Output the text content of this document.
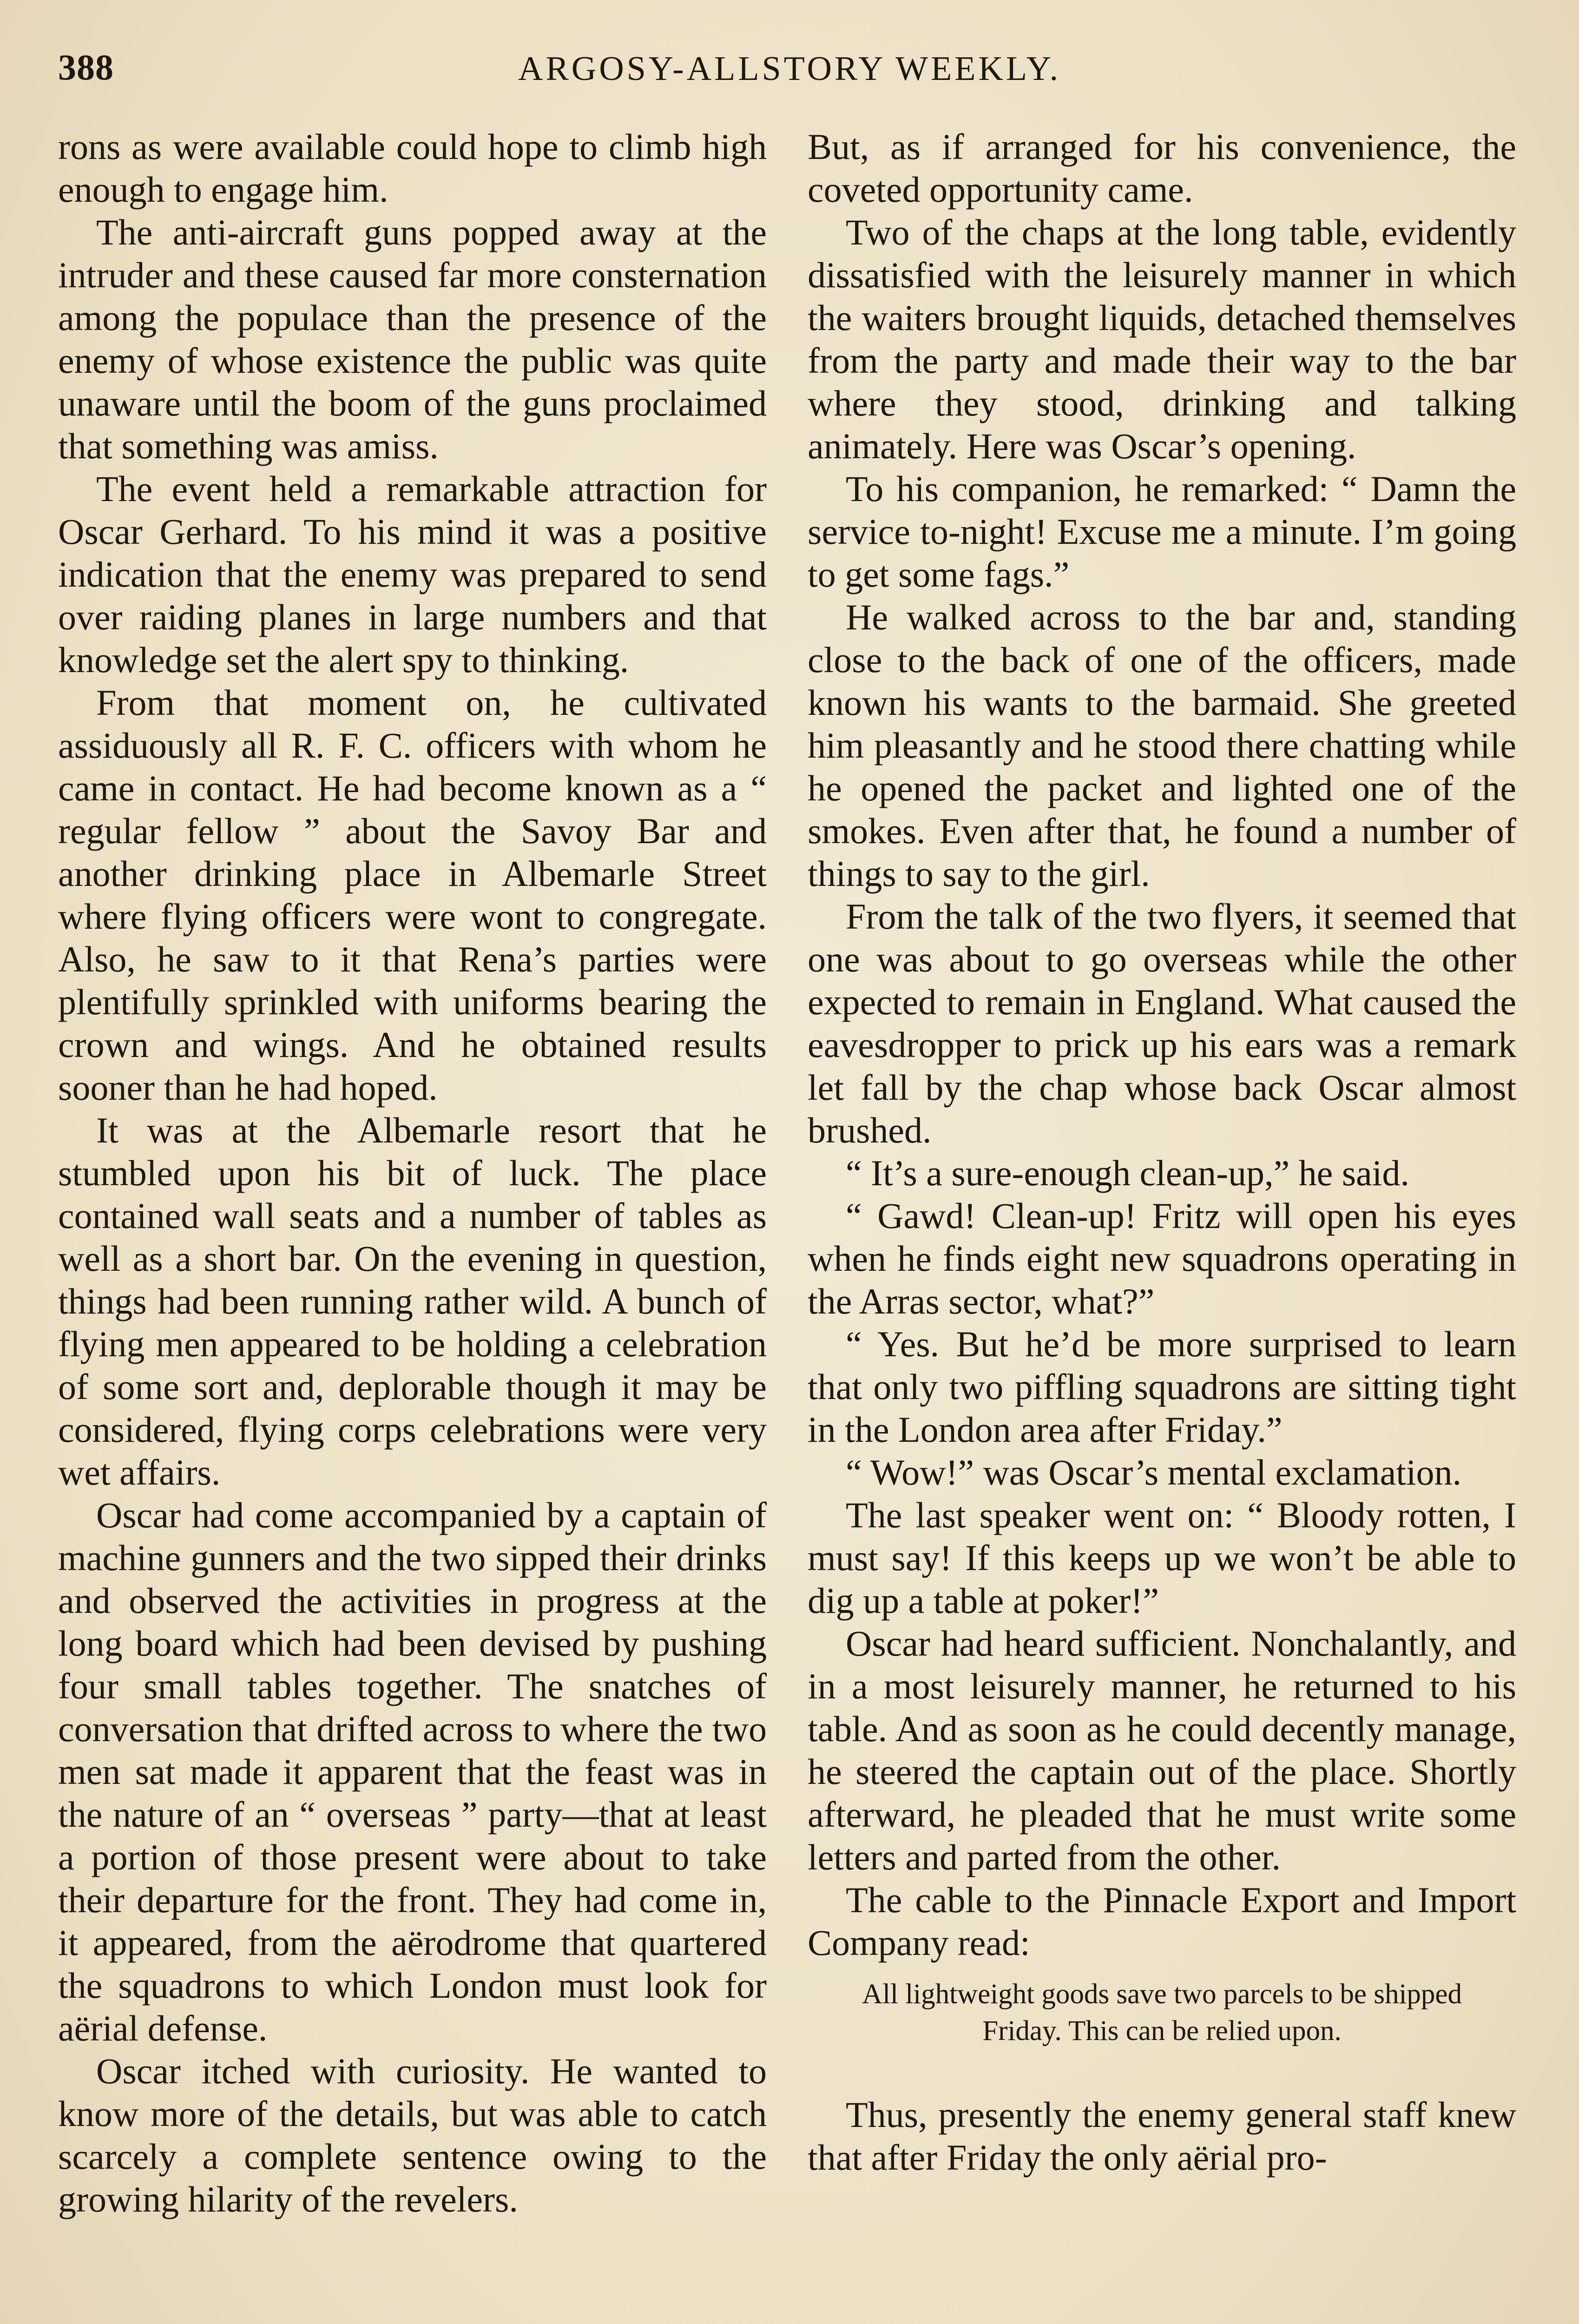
388	ARGOSY-ALLSTORY WEEKLY.

rons as were available could hope to climb high enough to engage him.

The anti-aircraft guns popped away at the intruder and these caused far more consternation among the populace than the presence of the enemy of whose existence the public was quite unaware until the boom of the guns proclaimed that something was amiss.

The event held a remarkable attraction for Oscar Gerhard. To his mind it was a positive indication that the enemy was prepared to send over raiding planes in large numbers and that knowledge set the alert spy to thinking.

From that moment on, he cultivated assiduously all R. F. C. officers with whom he came in contact. He had become known as a “ regular fellow ” about the Savoy Bar and another drinking place in Albemarle Street where flying officers were wont to congregate. Also, he saw to it that Rena’s parties were plentifully sprinkled with uniforms bearing the crown and wings. And he obtained results sooner than he had hoped.

It was at the Albemarle resort that he stumbled upon his bit of luck. The place contained wall seats and a number of tables as well as a short bar. On the evening in question, things had been running rather wild. A bunch of flying men appeared to be holding a celebration of some sort and, deplorable though it may be considered, flying corps celebrations were very wet affairs.

Oscar had come accompanied by a captain of machine gunners and the two sipped their drinks and observed the activities in progress at the long board which had been devised by pushing four small tables together. The snatches of conversation that drifted across to where the two men sat made it apparent that the feast was in the nature of an “ overseas ” party—that at least a portion of those present were about to take their departure for the front. They had come in, it appeared, from the aërodrome that quartered the squadrons to which London must look for aërial defense.

Oscar itched with curiosity. He wanted to know more of the details, but was able to catch scarcely a complete sentence owing to the growing hilarity of the revelers.

But, as if arranged for his convenience, the coveted opportunity came.

Two of the chaps at the long table, evidently dissatisfied with the leisurely manner in which the waiters brought liquids, detached themselves from the party and made their way to the bar where they stood, drinking and talking animately. Here was Oscar’s opening.

To his companion, he remarked: “ Damn the service to-night! Excuse me a minute. I’m going to get some fags.”

He walked across to the bar and, standing close to the back of one of the officers, made known his wants to the barmaid. She greeted him pleasantly and he stood there chatting while he opened the packet and lighted one of the smokes. Even after that, he found a number of things to say to the girl.

From the talk of the two flyers, it seemed that one was about to go overseas while the other expected to remain in England. What caused the eavesdropper to prick up his ears was a remark let fall by the chap whose back Oscar almost brushed.

“ It’s a sure-enough clean-up,” he said.

“ Gawd! Clean-up! Fritz will open his eyes when he finds eight new squadrons operating in the Arras sector, what?”

“ Yes. But he’d be more surprised to learn that only two piffling squadrons are sitting tight in the London area after Friday.”

“ Wow!” was Oscar’s mental exclamation.

The last speaker went on: “ Bloody rotten, I must say! If this keeps up we won’t be able to dig up a table at poker!”

Oscar had heard sufficient. Nonchalantly, and in a most leisurely manner, he returned to his table. And as soon as he could decently manage, he steered the captain out of the place. Shortly afterward, he pleaded that he must write some letters and parted from the other.

The cable to the Pinnacle Export and Import Company read:

All lightweight goods save two parcels to be shipped Friday. This can be relied upon.

Thus, presently the enemy general staff knew that after Friday the only aërial pro-
